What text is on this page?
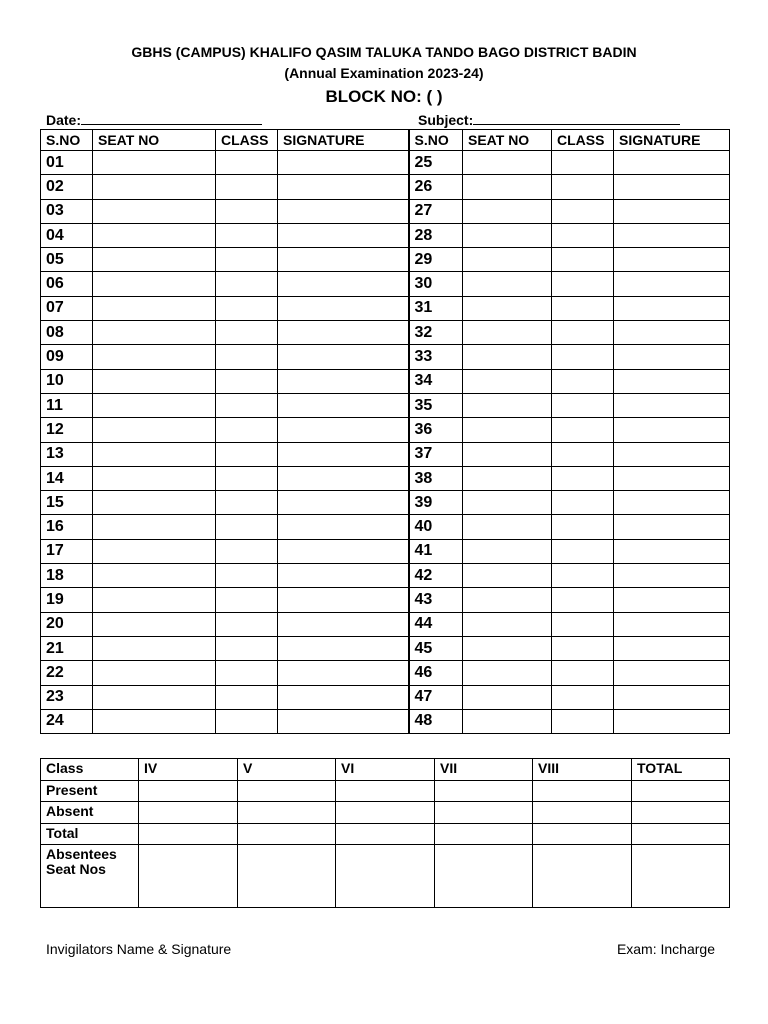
GBHS (CAMPUS) KHALIFO QASIM TALUKA TANDO BAGO DISTRICT BADIN
(Annual Examination 2023-24)
BLOCK NO: ( )
Date:	Subject:
S.NO	SEAT NO	CLASS	SIGNATURE	S.NO	SEAT NO	CLASS	SIGNATURE
01				25			
02				26			
03				27			
04				28			
05				29			
06				30			
07				31			
08				32			
09				33			
10				34			
11				35			
12				36			
13				37			
14				38			
15				39			
16				40			
17				41			
18				42			
19				43			
20				44			
21				45			
22				46			
23				47			
24				48			
Class	IV	V	VI	VII	VIII	TOTAL
Present						
Absent						
Total						
Absentees Seat Nos						
Invigilators Name & Signature	Exam: Incharge
